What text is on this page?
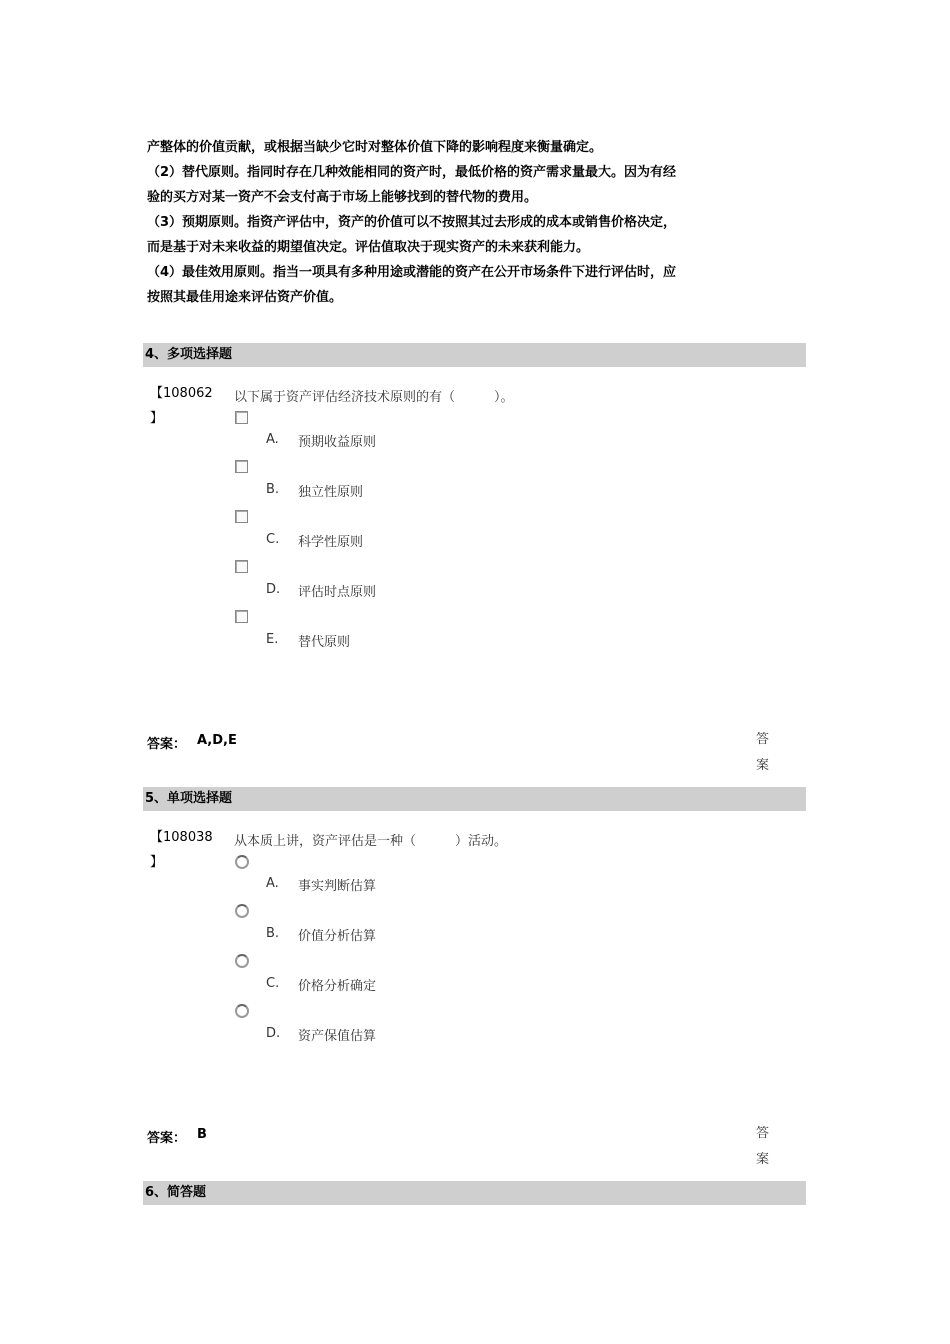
产整体的价值贡献，或根据当缺少它时对整体价值下降的影响程度来衡量确定。

（2）替代原则。指同时存在几种效能相同的资产时，最低价格的资产需求量最大。因为有经

验的买方对某一资产不会支付高于市场上能够找到的替代物的费用。

（3）预期原则。指资产评估中，资产的价值可以不按照其过去形成的成本或销售价格决定，

而是基于对未来收益的期望值决定。评估值取决于现实资产的未来获利能力。

（4）最佳效用原则。指当一项具有多种用途或潜能的资产在公开市场条件下进行评估时，应

按照其最佳用途来评估资产价值。

4、多项选择题
【108062
】
以下属于资产评估经济技术原则的有（　　　）。
A. 预期收益原则
B. 独立性原则
C. 科学性原则
D. 评估时点原则
E. 替代原则
答案： A,D,E	答
案
5、单项选择题
【108038
】
从本质上讲，资产评估是一种（　　　）活动。
A. 事实判断估算
B. 价值分析估算
C. 价格分析确定
D. 资产保值估算
答案： B	答
案
6、简答题
